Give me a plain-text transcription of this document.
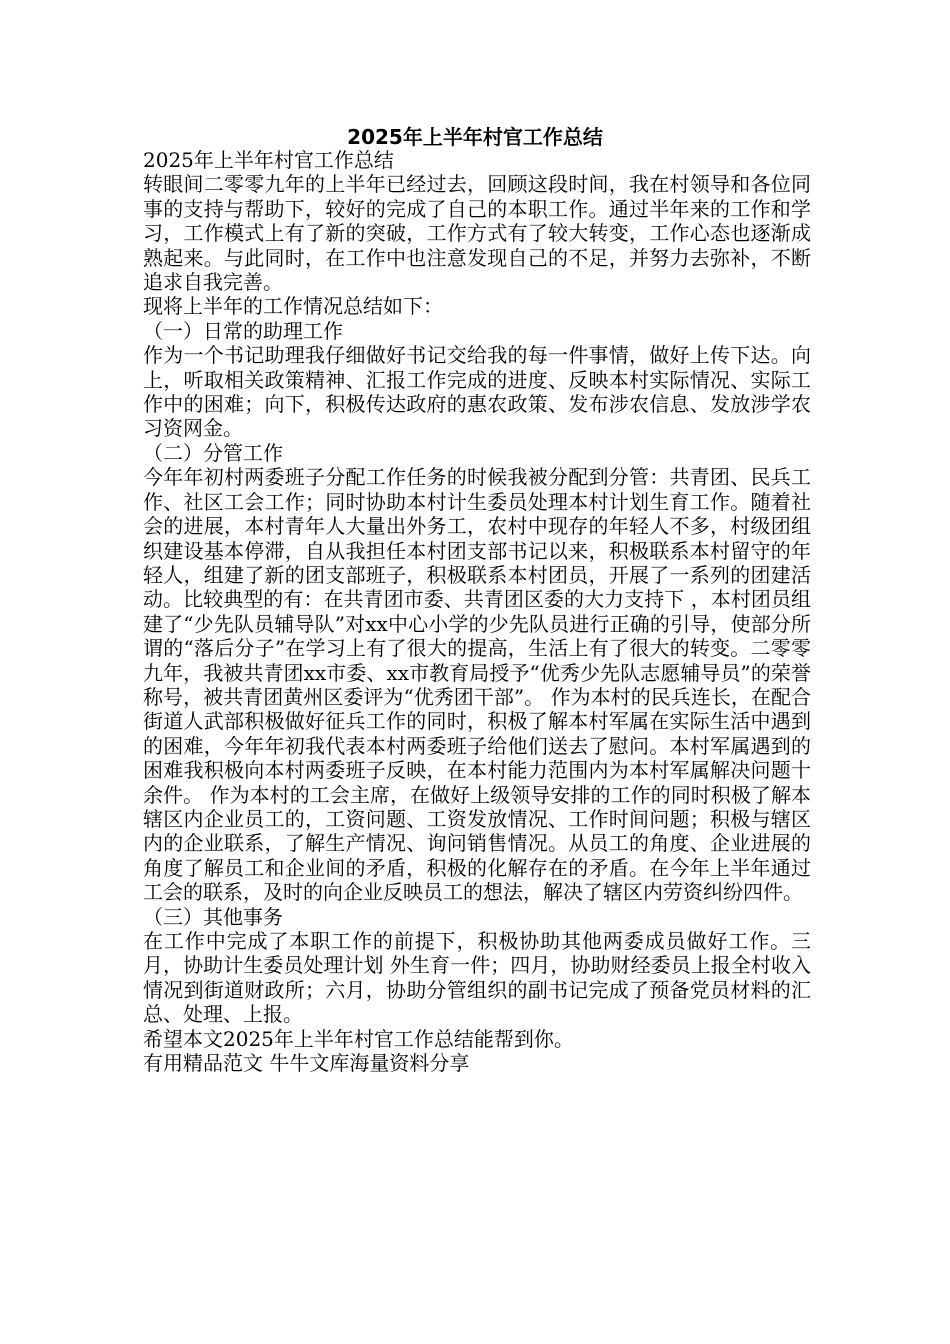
2025年上半年村官工作总结

2025年上半年村官工作总结

转眼间二零零九年的上半年已经过去，回顾这段时间，我在村领导和各位同事的支持与帮助下，较好的完成了自己的本职工作。通过半年来的工作和学习，工作模式上有了新的突破，工作方式有了较大转变，工作心态也逐渐成熟起来。与此同时，在工作中也注意发现自己的不足，并努力去弥补，不断追求自我完善。

现将上半年的工作情况总结如下：

（一）日常的助理工作

作为一个书记助理我仔细做好书记交给我的每一件事情，做好上传下达。向上，听取相关政策精神、汇报工作完成的进度、反映本村实际情况、实际工作中的困难；向下，积极传达政府的惠农政策、发布涉农信息、发放涉学农习资网金。

（二）分管工作

今年年初村两委班子分配工作任务的时候我被分配到分管：共青团、民兵工作、社区工会工作；同时协助本村计生委员处理本村计划生育工作。随着社会的进展，本村青年人大量出外务工，农村中现存的年轻人不多，村级团组织建设基本停滞，自从我担任本村团支部书记以来，积极联系本村留守的年轻人，组建了新的团支部班子，积极联系本村团员，开展了一系列的团建活动。比较典型的有：在共青团市委、共青团区委的大力支持下 ，本村团员组建了“少先队员辅导队”对xx中心小学的少先队员进行正确的引导，使部分所谓的“落后分子”在学习上有了很大的提高，生活上有了很大的转变。二零零九年，我被共青团xx市委、xx市教育局授予“优秀少先队志愿辅导员”的荣誉称号，被共青团黄州区委评为“优秀团干部”。 作为本村的民兵连长，在配合街道人武部积极做好征兵工作的同时，积极了解本村军属在实际生活中遇到的困难，今年年初我代表本村两委班子给他们送去了慰问。本村军属遇到的困难我积极向本村两委班子反映，在本村能力范围内为本村军属解决问题十余件。 作为本村的工会主席，在做好上级领导安排的工作的同时积极了解本辖区内企业员工的，工资问题、工资发放情况、工作时间问题；积极与辖区内的企业联系，了解生产情况、询问销售情况。从员工的角度、企业进展的角度了解员工和企业间的矛盾，积极的化解存在的矛盾。在今年上半年通过工会的联系，及时的向企业反映员工的想法，解决了辖区内劳资纠纷四件。

（三）其他事务

在工作中完成了本职工作的前提下，积极协助其他两委成员做好工作。三月，协助计生委员处理计划 外生育一件；四月，协助财经委员上报全村收入情况到街道财政所；六月，协助分管组织的副书记完成了预备党员材料的汇总、处理、上报。

希望本文2025年上半年村官工作总结能帮到你。

有用精品范文 牛牛文库海量资料分享
